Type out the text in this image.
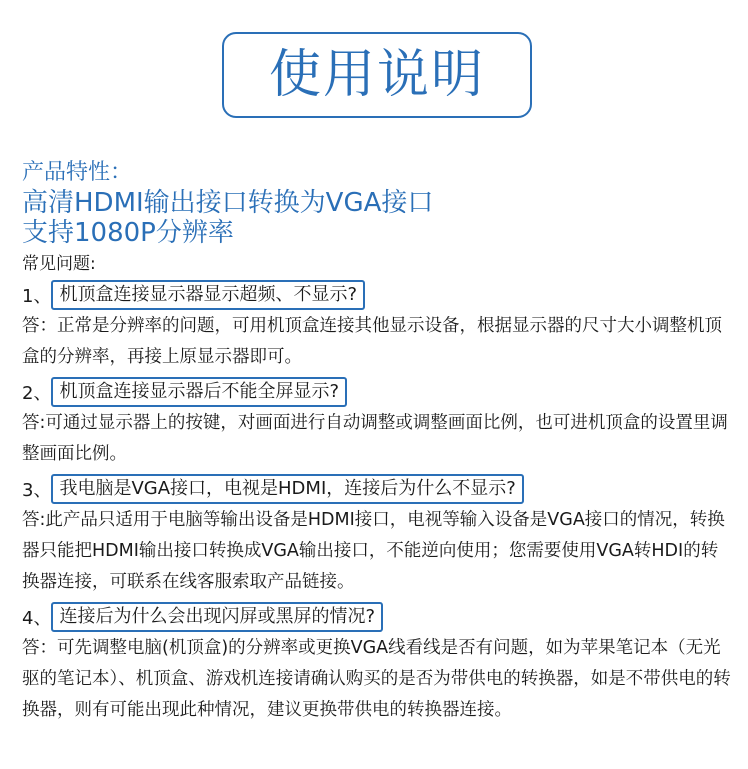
使用说明
产品特性：
高清HDMI输出接口转换为VGA接口
支持1080P分辨率
常见问题:
1、 机顶盒连接显示器显示超频、不显示?
答：正常是分辨率的问题，可用机顶盒连接其他显示设备，根据显示器的尺寸大小调整机顶盒的分辨率，再接上原显示器即可。
2、 机顶盒连接显示器后不能全屏显示?
答:可通过显示器上的按键，对画面进行自动调整或调整画面比例，也可进机顶盒的设置里调整画面比例。
3、 我电脑是VGA接口，电视是HDMI，连接后为什么不显示?
答:此产品只适用于电脑等输出设备是HDMI接口，电视等输入设备是VGA接口的情况，转换器只能把HDMI输出接口转换成VGA输出接口，不能逆向使用；您需要使用VGA转HDI的转换器连接，可联系在线客服索取产品链接。
4、 连接后为什么会出现闪屏或黑屏的情况?
答：可先调整电脑(机顶盒)的分辨率或更换VGA线看线是否有问题，如为苹果笔记本（无光驱的笔记本）、机顶盒、游戏机连接请确认购买的是否为带供电的转换器，如是不带供电的转换器，则有可能出现此种情况，建议更换带供电的转换器连接。
